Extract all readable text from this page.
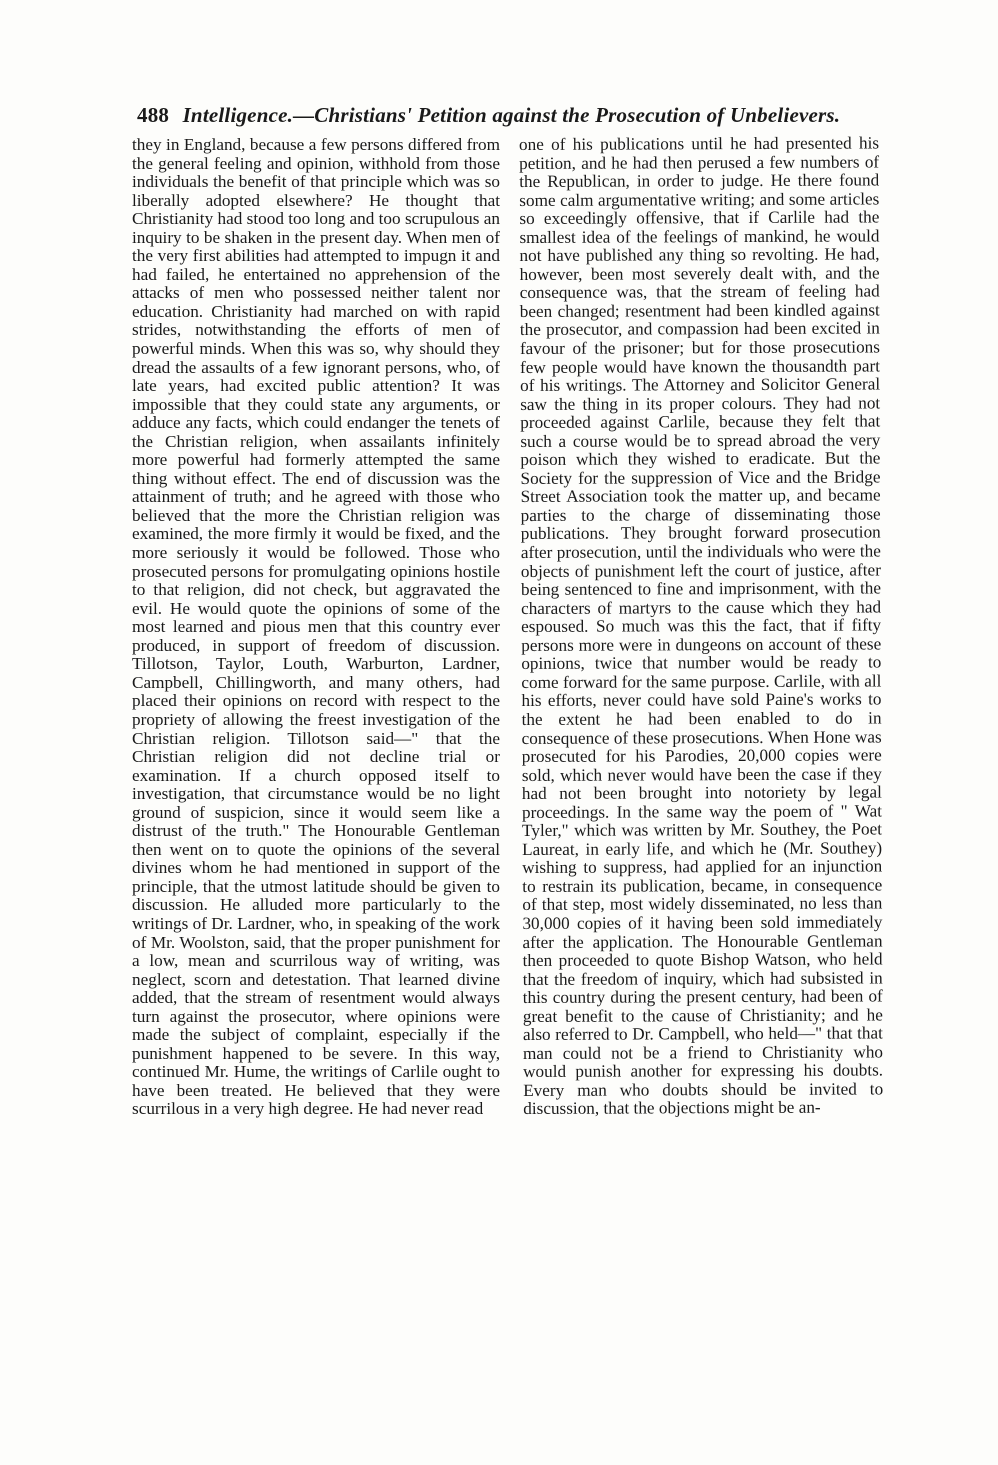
488 Intelligence.—Christians' Petition against the Prosecution of Unbelievers.

they in England, because a few persons differed from the general feeling and opinion, withhold from those individuals the benefit of that principle which was so liberally adopted elsewhere? He thought that Christianity had stood too long and too scrupulous an inquiry to be shaken in the present day. When men of the very first abilities had attempted to impugn it and had failed, he entertained no apprehension of the attacks of men who possessed neither talent nor education. Christianity had marched on with rapid strides, notwithstanding the efforts of men of powerful minds. When this was so, why should they dread the assaults of a few ignorant persons, who, of late years, had excited public attention? It was impossible that they could state any arguments, or adduce any facts, which could endanger the tenets of the Christian religion, when assailants infinitely more powerful had formerly attempted the same thing without effect. The end of discussion was the attainment of truth; and he agreed with those who believed that the more the Christian religion was examined, the more firmly it would be fixed, and the more seriously it would be followed. Those who prosecuted persons for promulgating opinions hostile to that religion, did not check, but aggravated the evil. He would quote the opinions of some of the most learned and pious men that this country ever produced, in support of freedom of discussion. Tillotson, Taylor, Louth, Warburton, Lardner, Campbell, Chillingworth, and many others, had placed their opinions on record with respect to the propriety of allowing the freest investigation of the Christian religion. Tillotson said—" that the Christian religion did not decline trial or examination. If a church opposed itself to investigation, that circumstance would be no light ground of suspicion, since it would seem like a distrust of the truth." The Honourable Gentleman then went on to quote the opinions of the several divines whom he had mentioned in support of the principle, that the utmost latitude should be given to discussion. He alluded more particularly to the writings of Dr. Lardner, who, in speaking of the work of Mr. Woolston, said, that the proper punishment for a low, mean and scurrilous way of writing, was neglect, scorn and detestation. That learned divine added, that the stream of resentment would always turn against the prosecutor, where opinions were made the subject of complaint, especially if the punishment happened to be severe. In this way, continued Mr. Hume, the writings of Carlile ought to have been treated. He believed that they were scurrilous in a very high degree. He had never read

one of his publications until he had presented his petition, and he had then perused a few numbers of the Republican, in order to judge. He there found some calm argumentative writing; and some articles so exceedingly offensive, that if Carlile had the smallest idea of the feelings of mankind, he would not have published any thing so revolting. He had, however, been most severely dealt with, and the consequence was, that the stream of feeling had been changed; resentment had been kindled against the prosecutor, and compassion had been excited in favour of the prisoner; but for those prosecutions few people would have known the thousandth part of his writings. The Attorney and Solicitor General saw the thing in its proper colours. They had not proceeded against Carlile, because they felt that such a course would be to spread abroad the very poison which they wished to eradicate. But the Society for the suppression of Vice and the Bridge Street Association took the matter up, and became parties to the charge of disseminating those publications. They brought forward prosecution after prosecution, until the individuals who were the objects of punishment left the court of justice, after being sentenced to fine and imprisonment, with the characters of martyrs to the cause which they had espoused. So much was this the fact, that if fifty persons more were in dungeons on account of these opinions, twice that number would be ready to come forward for the same purpose. Carlile, with all his efforts, never could have sold Paine's works to the extent he had been enabled to do in consequence of these prosecutions. When Hone was prosecuted for his Parodies, 20,000 copies were sold, which never would have been the case if they had not been brought into notoriety by legal proceedings. In the same way the poem of " Wat Tyler," which was written by Mr. Southey, the Poet Laureat, in early life, and which he (Mr. Southey) wishing to suppress, had applied for an injunction to restrain its publication, became, in consequence of that step, most widely disseminated, no less than 30,000 copies of it having been sold immediately after the application. The Honourable Gentleman then proceeded to quote Bishop Watson, who held that the freedom of inquiry, which had subsisted in this country during the present century, had been of great benefit to the cause of Christianity; and he also referred to Dr. Campbell, who held—" that that man could not be a friend to Christianity who would punish another for expressing his doubts. Every man who doubts should be invited to discussion, that the objections might be an-
